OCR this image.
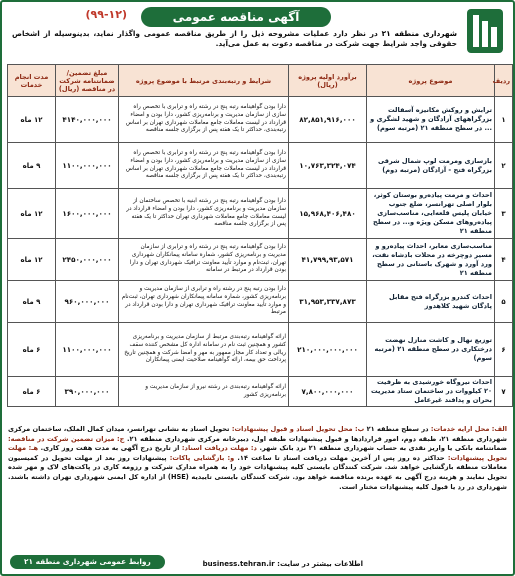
آگهی مناقصه عمومی
(۹۹-۱۲)
شهرداری منطقه ۲۱ در نظر دارد عملیات مشروحه ذیل را از طریق مناقصه عمومی واگذار نماید، بدینوسیله از اشخاص حقوقی واجد شرایط جهت شرکت در مناقصه دعوت به عمل می‌آید.
ردیف	موضوع پروژه	برآورد اولیه پروژه (ریال)	شرایط و رتبه‌بندی مرتبط با موضوع پروژه	مبلغ تضمین/ضمانتنامه شرکت در مناقصه (ریال)	مدت انجام خدمات
۱	ترابش و روکش مکانیزه آسفالت بزرگراههای آزادگان و شهید لشگری و ... در سطح منطقه ۲۱ (مرتبه سوم)	۸۲,۸۵۱,۹۱۶,۰۰۰	دارا بودن گواهینامه رتبه پنج در رشته راه و ترابری با تخصص راه سازی از سازمان مدیریت و برنامه‌ریزی کشور، دارا بودن و امضاء قرارداد در لیست معاملات جامع معاملات شهرداری تهران بر اساس رتبه‌بندی، حداکثر تا یک هفته پس از برگزاری جلسه مناقصه	۴۱۴۰,۰۰۰,۰۰۰	۱۲ ماه
۲	بازسازی ومرمت لوپ شمال شرقی بزرگراه فتح - آزادگان (مرتبه دوم)	۱۰,۷۶۳,۳۲۴,۰۷۴	دارا بودن گواهینامه رتبه پنج در رشته راه و ترابری با تخصص راه سازی از سازمان مدیریت و برنامه‌ریزی کشور، دارا بودن و امضاء قرارداد در لیست معاملات جامع معاملات شهرداری تهران بر اساس رتبه‌بندی، حداکثر تا یک هفته پس از برگزاری جلسه مناقصه	۱۱۰۰,۰۰۰,۰۰۰	۹ ماه
۳	احداث و مرمت پیاده‌رو بوستان کوثر، بلوار اصلی تهرانسر، ضلع جنوب خیابان پلیس قلعه‌ایی، مناسب‌سازی پیاده‌روهای مسکن ویژه و... در سطح منطقه ۲۱	۱۵,۹۶۸,۴۰۶,۴۸۰	دارا بودن گواهینامه رتبه پنج در رشته ابنیه با تخصص ساختمان از سازمان مدیریت و برنامه‌ریزی کشور، دارا بودن و امضاء قرارداد در لیست معاملات جامع معاملات شهرداری تهران حداکثر تا یک هفته پس از برگزاری جلسه مناقصه	۱۶۰۰,۰۰۰,۰۰۰	۱۲ ماه
۴	مناسب‌سازی معابر، احداث پیاده‌رو و مسیر دوچرخه در محلات بادشاه نفت، ورد آورد و شهرک باستانی در سطح منطقه ۲۱	۴۱,۷۹۹,۹۳,۵۷۱	دارا بودن گواهینامه رتبه پنج در رشته راه و ترابری از سازمان مدیریت و برنامه‌ریزی کشور، شماره سامانه پیمانکاران شهرداری تهران، ثبت‌نام و موارد تأیید معاونت ترافیک شهرداری تهران و دارا بودن قرارداد در مرتبط در سامانه	۲۴۵۰,۰۰۰,۰۰۰	۱۲ ماه
۵	احداث کندرو بزرگراه فتح مقابل پادگان شهید کلاهدوز	۳۱,۹۵۳,۳۳۷,۸۷۳	دارا بودن رتبه پنج در رشته راه و ترابری از سازمان مدیریت و برنامه‌ریزی کشور، شماره سامانه پیمانکاران شهرداری تهران، ثبت‌نام و موارد تأیید معاونت ترافیک شهرداری تهران و دارا بودن قرارداد در مرتبط	۹۶۰,۰۰۰,۰۰۰	۹ ماه
۶	توزیع نهال و کاشت منازل نهضت درختکاری در سطح منطقه ۲۱ (مرتبه سوم)	۲۱۰,۰۰۰,۰۰۰,۰۰۰	ارائه گواهینامه رتبه‌بندی مرتبط از سازمان مدیریت و برنامه‌ریزی کشور و همچنین ثبت نام در سامانه اداره کل مشخص کننده سقف ریالی و تعداد کار مجاز ممهور به مهر و امضا شرکت و همچنین تاریخ پرداخت حق بیمه، ارائه گواهینامه صلاحیت ایمنی پیمانکاران	۱۱۰۰,۰۰۰,۰۰۰	۶ ماه
۷	احداث نیروگاه خورشیدی به ظرفیت ۲۰ کیلووات در ساختمان ستاد مدیریت بحران و پدافند غیرعامل	۷,۸۰۰,۰۰۰,۰۰۰	ارائه گواهینامه رتبه‌بندی در رشته نیرو از سازمان مدیریت و برنامه‌ریزی کشور	۳۹۰,۰۰۰,۰۰۰	۶ ماه
الف: محل ارایه خدمات: در سطح منطقه ۲۱ ب: محل تحویل اسناد و قبول پیشنهادات: تحویل اسناد به نشانی تهرانسر، میدان کمال الملک، ساختمان مرکزی شهرداری منطقه ۲۱، طبقه دوم، امور قراردادها و قبول پیشنهادات طبقه اول، دبیرخانه مرکزی شهرداری منطقه ۲۱. ج: میزان تضمین شرکت در مناقصه: ضمانتنامه بانکی یا واریز نقدی به حساب شهرداری منطقه ۲۱ نزد بانک شهر. د: مهلت دریافت اسناد: از تاریخ درج آگهی به مدت هفت روز کاری. هـ: مهلت تحویل پیشنهادات: حداکثر ده روز پس از آخرین مهلت دریافت اسناد تا ساعت ۱۴. و: بازگشایی پاکات: پیشنهادات روز بعد از مهلت تحویل در کمیسیون معاملات منطقه بازگشایی خواهد شد. شرکت کنندگان بایستی کلیه پیشنهادات خود را به همراه مدارک شرکت و رزومه کاری در پاکت‌های لاک و مهر شده تحویل نمایند و هزینه درج آگهی به عهده برنده مناقصه خواهد بود. شرکت کنندگان بایستی تاییدیه (HSE) از اداره کل ایمنی شهرداری تهران داشته باشند. شهرداری در رد یا قبول کلیه پیشنهادات مختار است.
اطلاعات بیشتر در سایت: business.tehran.ir
روابط عمومی شهرداری منطقه ۲۱
